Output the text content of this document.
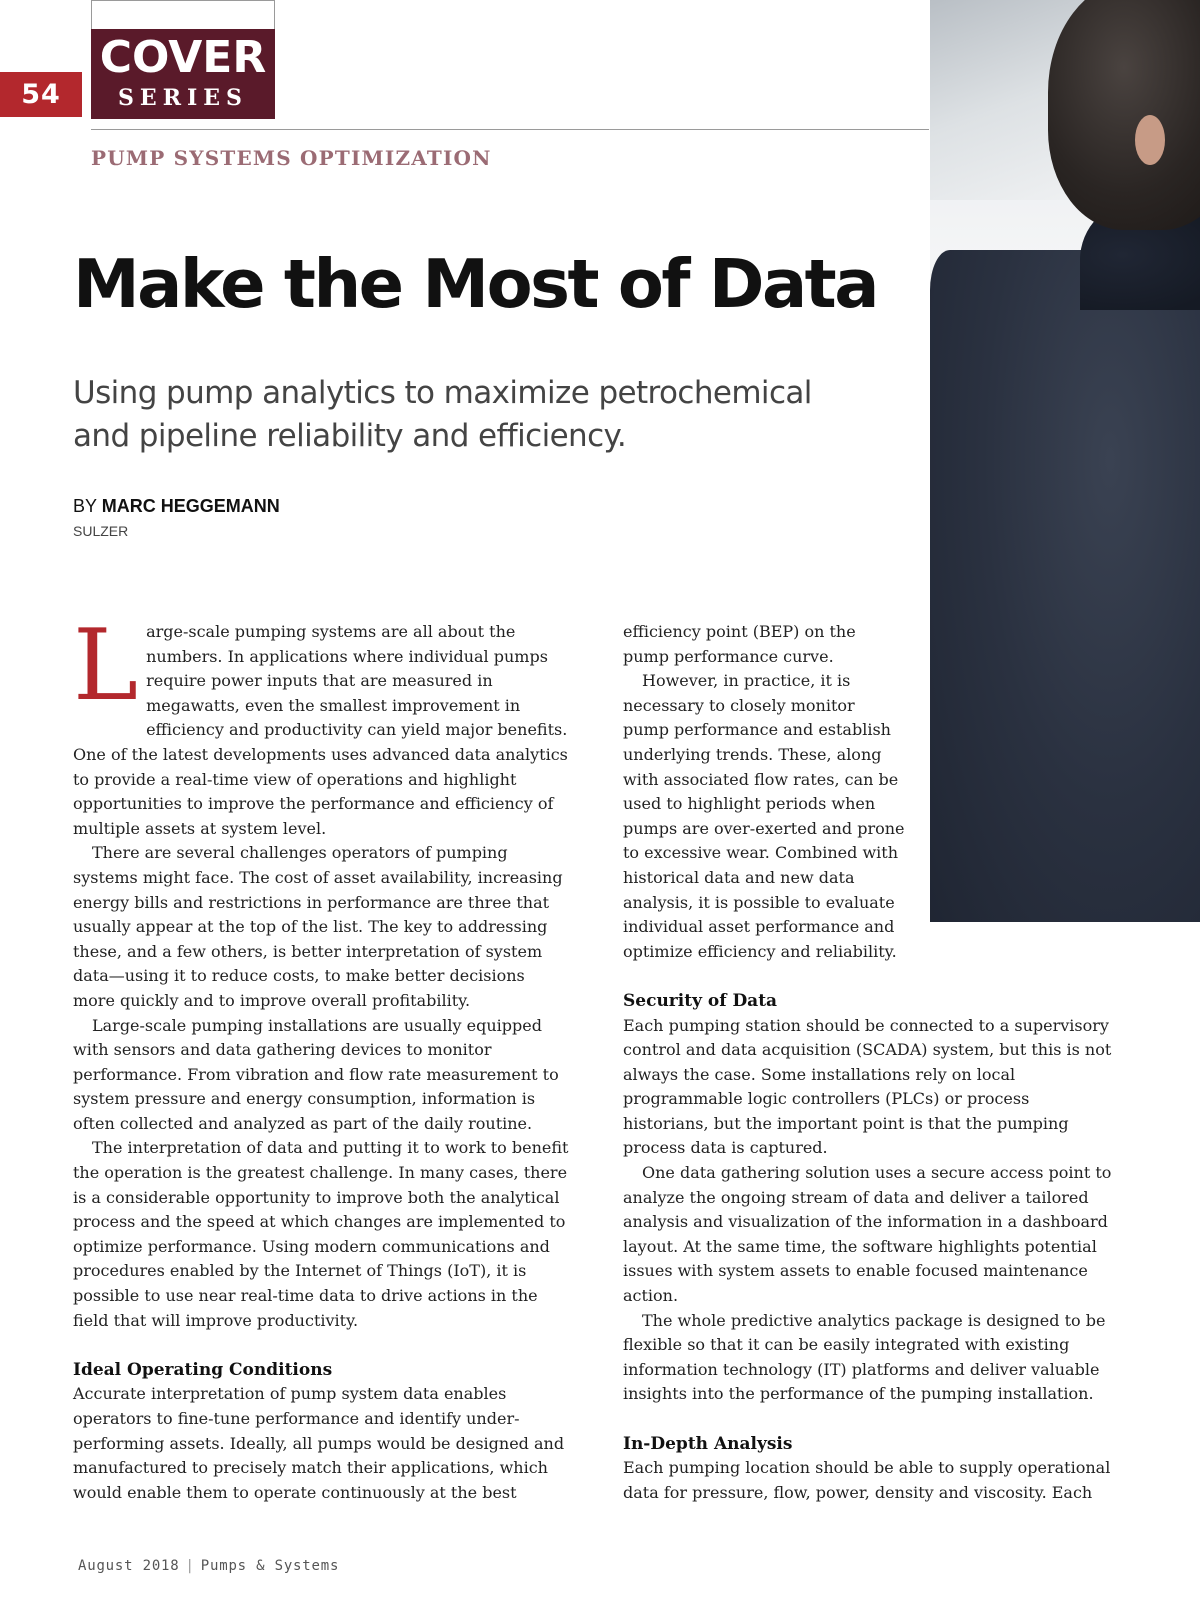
54
COVER
SERIES
PUMP SYSTEMS OPTIMIZATION
Make the Most of Data

Using pump analytics to maximize petrochemical and pipeline reliability and efficiency.

BY MARC HEGGEMANN
SULZER
L arge-scale pumping systems are all about the numbers. In applications where individual pumps require power inputs that are measured in megawatts, even the smallest improvement in efficiency and productivity can yield major benefits. One of the latest developments uses advanced data analytics to provide a real-time view of operations and highlight opportunities to improve the performance and efficiency of multiple assets at system level.

There are several challenges operators of pumping systems might face. The cost of asset availability, increasing energy bills and restrictions in performance are three that usually appear at the top of the list. The key to addressing these, and a few others, is better interpretation of system data—using it to reduce costs, to make better decisions more quickly and to improve overall profitability.

Large-scale pumping installations are usually equipped with sensors and data gathering devices to monitor performance. From vibration and flow rate measurement to system pressure and energy consumption, information is often collected and analyzed as part of the daily routine.

The interpretation of data and putting it to work to benefit the operation is the greatest challenge. In many cases, there is a considerable opportunity to improve both the analytical process and the speed at which changes are implemented to optimize performance. Using modern communications and procedures enabled by the Internet of Things (IoT), it is possible to use near real-time data to drive actions in the field that will improve productivity.

Ideal Operating Conditions

Accurate interpretation of pump system data enables operators to fine-tune performance and identify under-performing assets. Ideally, all pumps would be designed and manufactured to precisely match their applications, which would enable them to operate continuously at the best

efficiency point (BEP) on the pump performance curve.

However, in practice, it is necessary to closely monitor pump performance and establish underlying trends. These, along with associated flow rates, can be used to highlight periods when pumps are over-exerted and prone to excessive wear. Combined with historical data and new data analysis, it is possible to evaluate individual asset performance and optimize efficiency and reliability.

Security of Data

Each pumping station should be connected to a supervisory control and data acquisition (SCADA) system, but this is not always the case. Some installations rely on local programmable logic controllers (PLCs) or process historians, but the important point is that the pumping process data is captured.

One data gathering solution uses a secure access point to analyze the ongoing stream of data and deliver a tailored analysis and visualization of the information in a dashboard layout. At the same time, the software highlights potential issues with system assets to enable focused maintenance action.

The whole predictive analytics package is designed to be flexible so that it can be easily integrated with existing information technology (IT) platforms and deliver valuable insights into the performance of the pumping installation.

In-Depth Analysis

Each pumping location should be able to supply operational data for pressure, flow, power, density and viscosity. Each

August 2018 | Pumps & Systems
